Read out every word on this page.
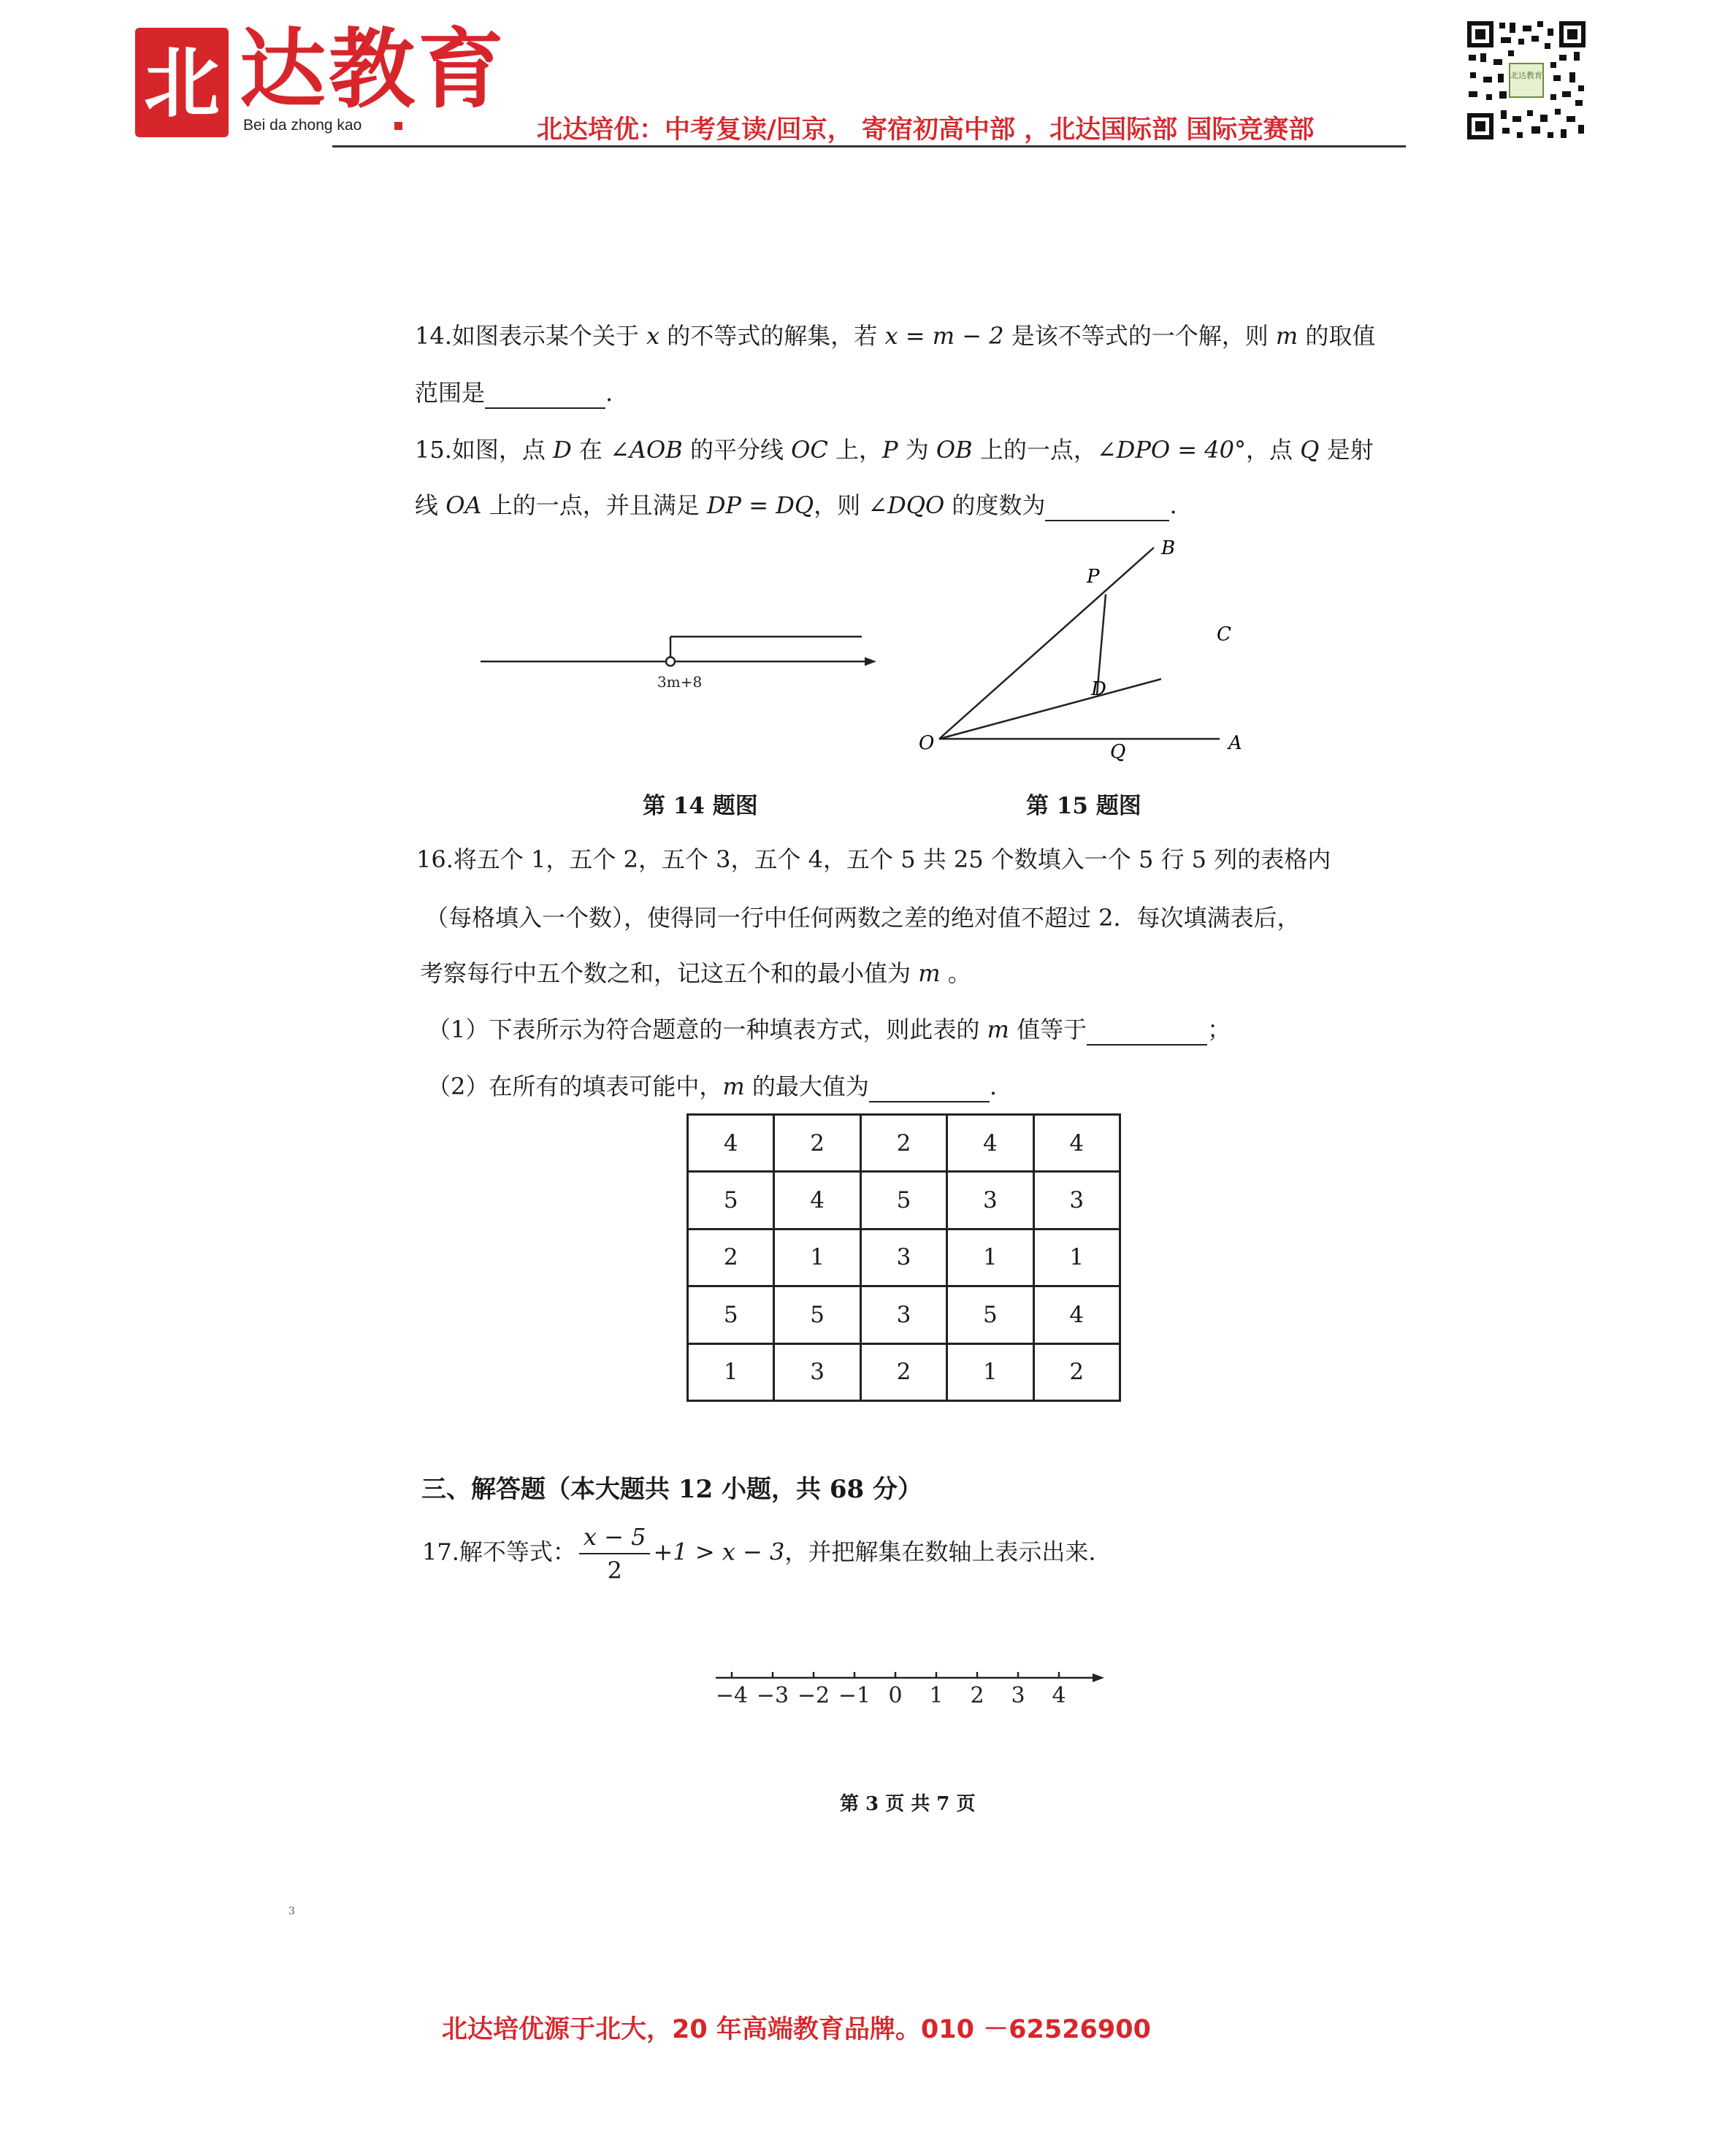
北 达教育
Bei da zhong kao	北达培优：中考复读/回京， 寄宿初高中部 ，北达国际部 国际竞赛部
北达教育
14.如图表示某个关于 x 的不等式的解集，若 x = m − 2 是该不等式的一个解，则 m 的取值
范围是	.
15.如图，点 D 在 ∠AOB 的平分线 OC 上，P 为 OB 上的一点，∠DPO = 40°，点 Q 是射
线 OA 上的一点，并且满足 DP = DQ，则 ∠DQO 的度数为	.
3m+8
第 14 题图
B
P
C
D
O	Q	A
第 15 题图
16.将五个 1，五个 2，五个 3，五个 4，五个 5 共 25 个数填入一个 5 行 5 列的表格内
（每格填入一个数），使得同一行中任何两数之差的绝对值不超过 2．每次填满表后，
考察每行中五个数之和，记这五个和的最小值为 m 。
（1）下表所示为符合题意的一种填表方式，则此表的 m 值等于	；
（2）在所有的填表可能中，m 的最大值为	.
4	2	2	4	4
5	4	5	3	3
2	1	3	1	1
5	5	3	5	4
1	3	2	1	2
三、解答题（本大题共 12 小题，共 68 分）
17.解不等式： $\frac{x - 5}{2} +1 > x - 3$，并把解集在数轴上表示出来.
−4 −3 −2 −1 0 1 2 3 4
第 3 页 共 7 页
3
北达培优源于北大，20 年高端教育品牌。010 －62526900
